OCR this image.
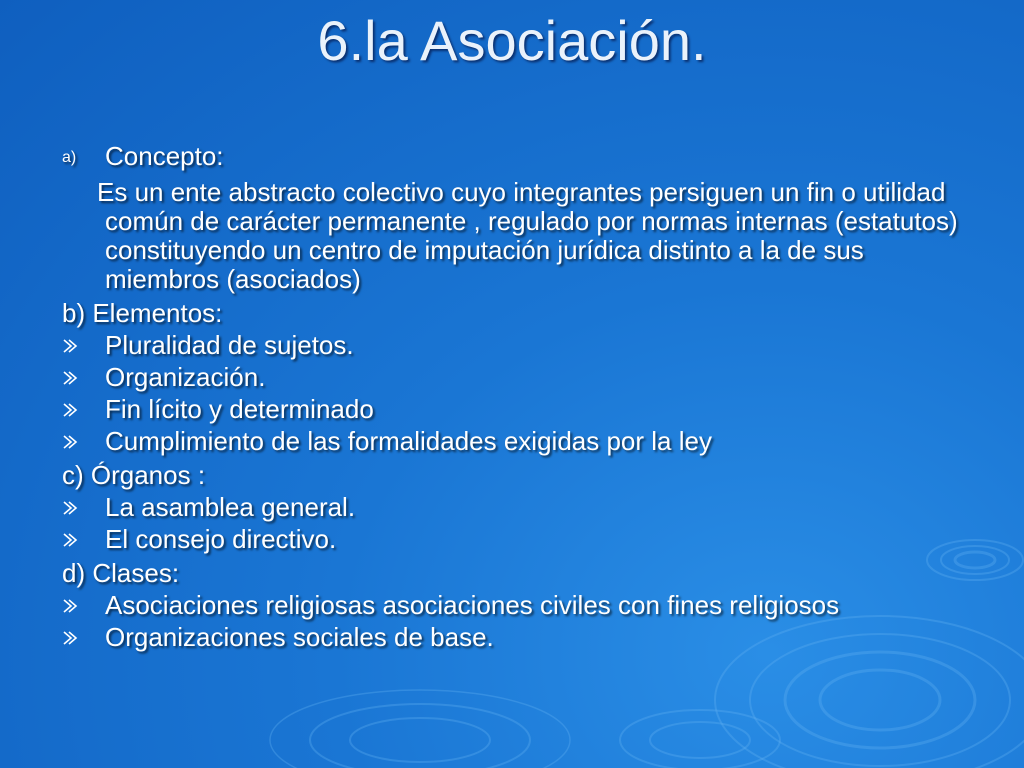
6.la Asociación.
a) Concepto:
Es un ente abstracto colectivo cuyo integrantes persiguen un fin o utilidad común de carácter permanente , regulado por normas internas (estatutos) constituyendo un centro de imputación jurídica distinto a la de sus miembros (asociados)
b) Elementos:
Pluralidad de sujetos.
Organización.
Fin lícito y determinado
Cumplimiento de las formalidades exigidas por la ley
c) Órganos :
La asamblea general.
El consejo directivo.
d) Clases:
Asociaciones religiosas asociaciones civiles con fines religiosos
Organizaciones sociales de base.
